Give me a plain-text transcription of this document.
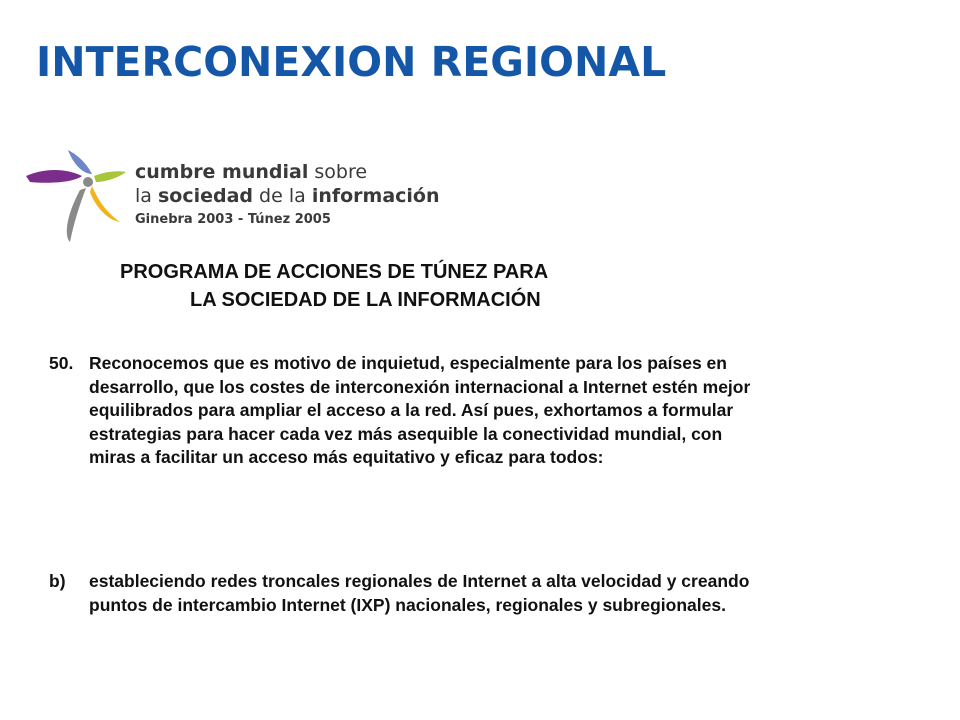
INTERCONEXION REGIONAL
cumbre mundial sobre
la sociedad de la información
Ginebra 2003 - Túnez 2005
PROGRAMA DE ACCIONES DE TÚNEZ PARA
LA SOCIEDAD DE LA INFORMACIÓN
50. Reconocemos que es motivo de inquietud, especialmente para los países en desarrollo, que los costes de interconexión internacional a Internet estén mejor equilibrados para ampliar el acceso a la red. Así pues, exhortamos a formular estrategias para hacer cada vez más asequible la conectividad mundial, con miras a facilitar un acceso más equitativo y eficaz para todos:
b) estableciendo redes troncales regionales de Internet a alta velocidad y creando puntos de intercambio Internet (IXP) nacionales, regionales y subregionales.
